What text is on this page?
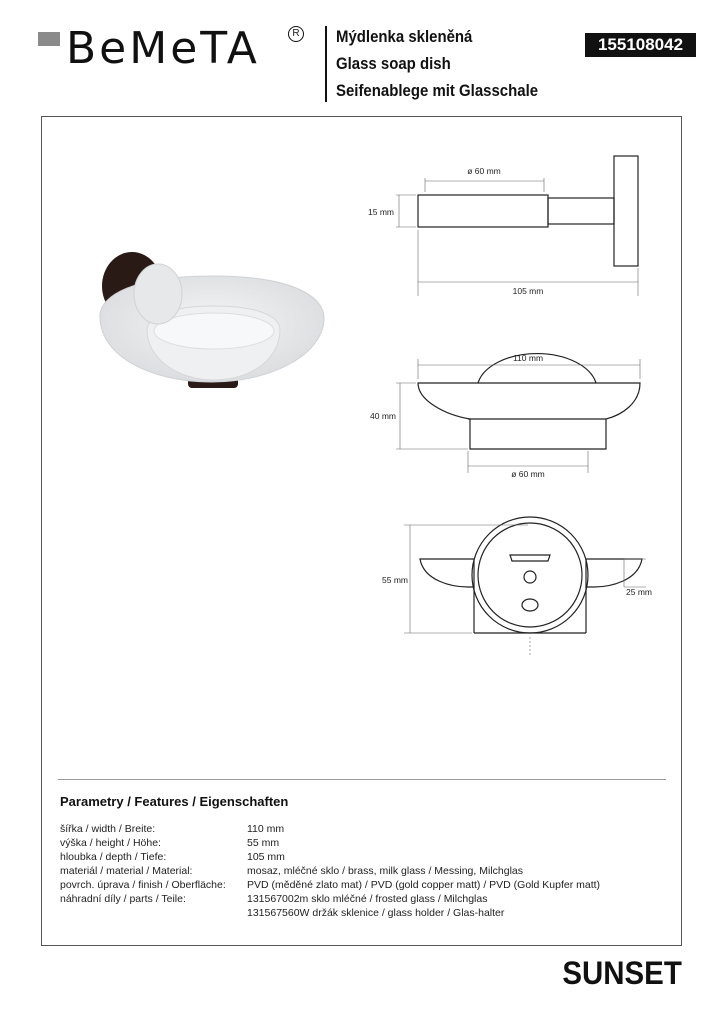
BeMeTA	R Mýdlenka skleněná
Glass soap dish
Seifenablege mit Glasschale
155108042
ø 60 mm
15 mm
105 mm
110 mm
40 mm
ø 60 mm
55 mm
25 mm
Parametry / Features / Eigenschaften
šířka / width / Breite:	110 mm
výška / height / Höhe:	55 mm
hloubka / depth / Tiefe:	105 mm
materiál / material / Material:	mosaz, mléčné sklo / brass, milk glass / Messing, Milchglas
povrch. úprava / finish / Oberfläche: PVD (měděné zlato mat) / PVD (gold copper matt) / PVD (Gold Kupfer matt)
náhradní díly / parts / Teile:	131567002m sklo mléčné / frosted glass / Milchglas
131567560W držák sklenice / glass holder / Glas-halter
SUNSET
